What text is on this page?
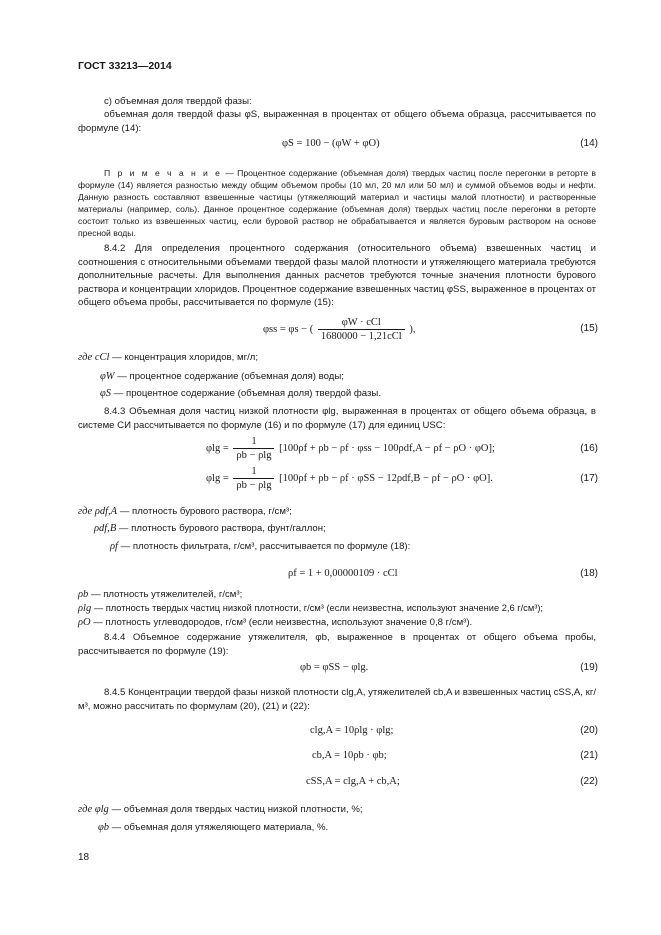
ГОСТ 33213—2014
c) объемная доля твердой фазы:
объемная доля твердой фазы φS, выраженная в процентах от общего объема образца, рассчитывается по формуле (14):
φS = 100 − (φW + φO)	(14)
П р и м е ч а н и е — Процентное содержание (объемная доля) твердых частиц после перегонки в реторте в формуле (14) является разностью между общим объемом пробы (10 мл, 20 мл или 50 мл) и суммой объемов воды и нефти. Данную разность составляют взвешенные частицы (утяжеляющий материал и частицы малой плотности) и растворенные материалы (например, соль). Данное процентное содержание (объемная доля) твердых частиц после перегонки в реторте состоит только из взвешенных частиц, если буровой раствор не обрабатывается и является буровым раствором на основе пресной воды.
8.4.2 Для определения процентного содержания (относительного объема) взвешенных частиц и соотношения с относительными объемами твердой фазы малой плотности и утяжеляющего материала требуются дополнительные расчеты. Для выполнения данных расчетов требуются точные значения плотности бурового раствора и концентрации хлоридов. Процентное содержание взвешенных частиц φSS, выраженное в процентах от общего объема пробы, рассчитывается по формуле (15):
φss = φs − ( $\frac{\text{φW · cCl}}{\text{1680000 − 1,21cCl}}$ ),	(15)
где cCl — концентрация хлоридов, мг/л;
φW — процентное содержание (объемная доля) воды;
φS — процентное содержание (объемная доля) твердой фазы.
8.4.3 Объемная доля частиц низкой плотности φlg, выраженная в процентах от общего объема образца, в системе СИ рассчитывается по формуле (16) и по формуле (17) для единиц USC:
$\varphi\lg = \frac{1}{\rho b - \rho\lg} [100\rho f + \rho b - \rho f \cdot \varphi ss - 100\rho df,A - \rho f - \rho O \cdot \varphi O]$;	(16)
$\varphi\lg = \frac{1}{\rho b - \rho\lg} [100\rho f + \rho b - \rho f \cdot \varphi SS - 12\rho df,B - \rho f - \rho O \cdot \varphi O]$.	(17)
где ρdf,A — плотность бурового раствора, г/см³;
ρdf,B — плотность бурового раствора, фунт/галлон;
ρf — плотность фильтрата, г/см³, рассчитывается по формуле (18):
ρf = 1 + 0,00000109 · cCl	(18)
ρb — плотность утяжелителей, г/см³;
ρlg — плотность твердых частиц низкой плотности, г/см³ (если неизвестна, используют значение 2,6 г/см³);
ρO — плотность углеводородов, г/см³ (если неизвестна, используют значение 0,8 г/см³).
8.4.4 Объемное содержание утяжелителя, φb, выраженное в процентах от общего объема пробы, рассчитывается по формуле (19):
φb = φSS − φlg.	(19)
8.4.5 Концентрации твердой фазы низкой плотности clg,A, утяжелителей cb,A и взвешенных частиц cSS,A, кг/м³, можно рассчитать по формулам (20), (21) и (22):
clg,A = 10ρlg · φlg;	(20)
cb,A = 10ρb · φb;	(21)
cSS,A = clg,A + cb,A;	(22)
где φlg — объемная доля твердых частиц низкой плотности, %;
φb — объемная доля утяжеляющего материала, %.
18
